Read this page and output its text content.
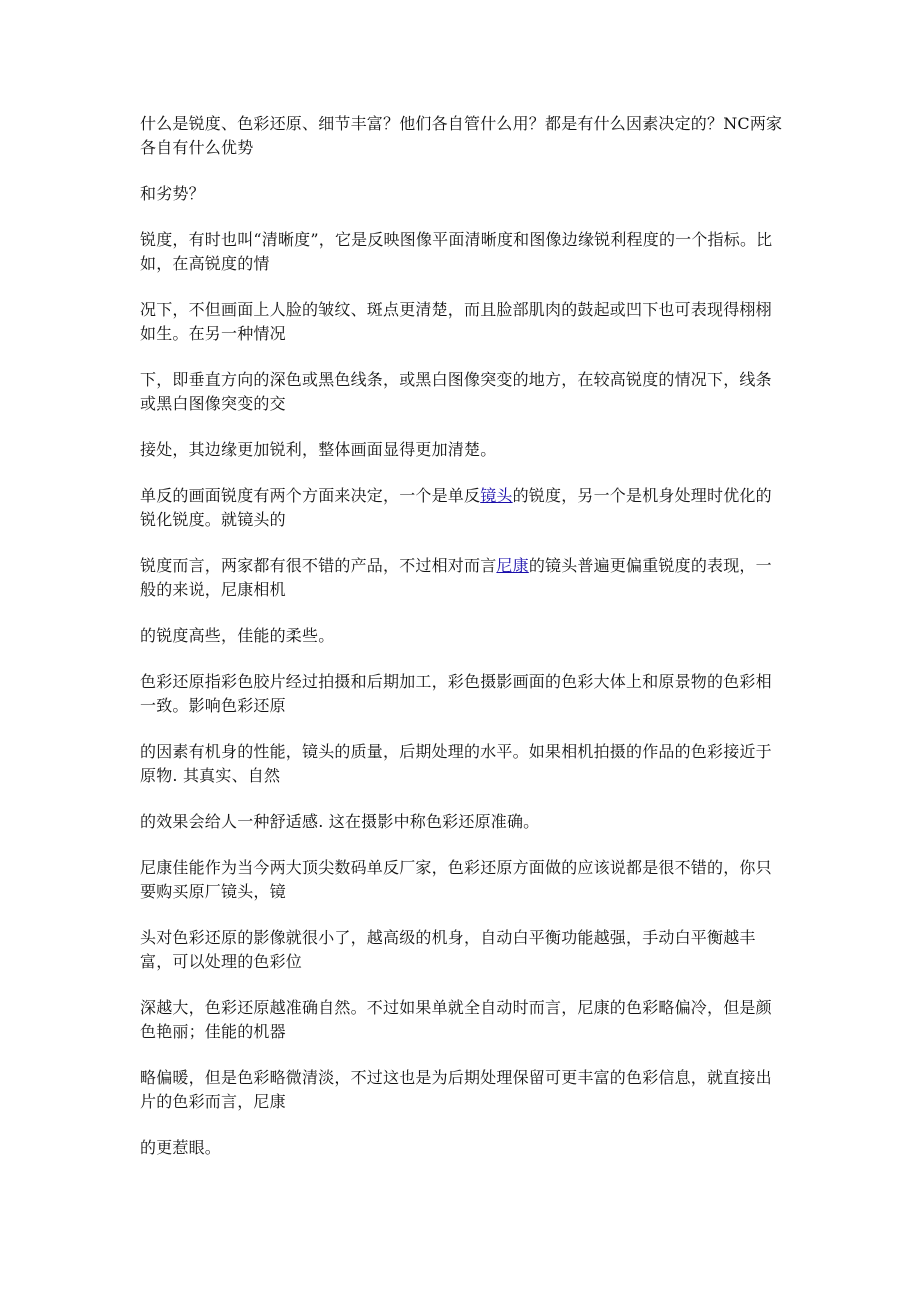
什么是锐度、色彩还原、细节丰富？他们各自管什么用？都是有什么因素决定的？NC两家各自有什么优势

和劣势？

锐度，有时也叫“清晰度”，它是反映图像平面清晰度和图像边缘锐利程度的一个指标。比如，在高锐度的情

况下，不但画面上人脸的皱纹、斑点更清楚，而且脸部肌肉的鼓起或凹下也可表现得栩栩如生。在另一种情况

下，即垂直方向的深色或黑色线条，或黑白图像突变的地方，在较高锐度的情况下，线条或黑白图像突变的交

接处，其边缘更加锐利，整体画面显得更加清楚。

单反的画面锐度有两个方面来决定，一个是单反镜头的锐度，另一个是机身处理时优化的锐化锐度。就镜头的

锐度而言，两家都有很不错的产品，不过相对而言尼康的镜头普遍更偏重锐度的表现，一般的来说，尼康相机

的锐度高些，佳能的柔些。

色彩还原指彩色胶片经过拍摄和后期加工，彩色摄影画面的色彩大体上和原景物的色彩相一致。影响色彩还原

的因素有机身的性能，镜头的质量，后期处理的水平。如果相机拍摄的作品的色彩接近于原物. 其真实、自然

的效果会给人一种舒适感. 这在摄影中称色彩还原准确。

尼康佳能作为当今两大顶尖数码单反厂家，色彩还原方面做的应该说都是很不错的，你只要购买原厂镜头，镜

头对色彩还原的影像就很小了，越高级的机身，自动白平衡功能越强，手动白平衡越丰富，可以处理的色彩位

深越大，色彩还原越准确自然。不过如果单就全自动时而言，尼康的色彩略偏冷，但是颜色艳丽；佳能的机器

略偏暖，但是色彩略微清淡，不过这也是为后期处理保留可更丰富的色彩信息，就直接出片的色彩而言，尼康

的更惹眼。
